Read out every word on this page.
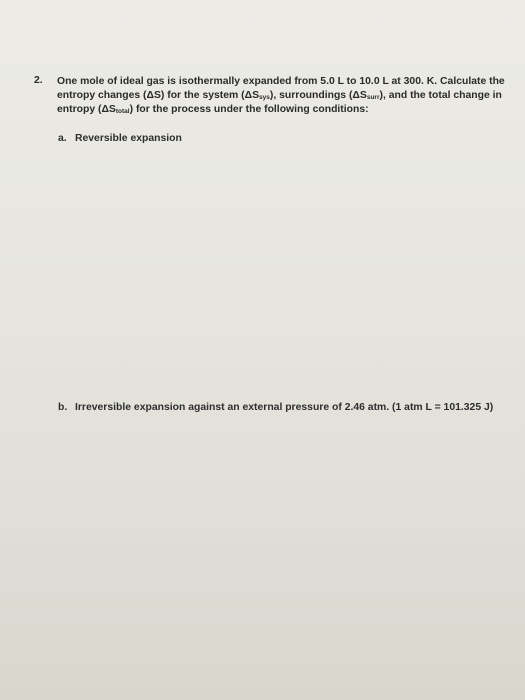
2. One mole of ideal gas is isothermally expanded from 5.0 L to 10.0 L at 300. K. Calculate the
entropy changes (ΔS) for the system (ΔSsys), surroundings (ΔSsurr), and the total change in
entropy (ΔStotal) for the process under the following conditions:
a. Reversible expansion
b. Irreversible expansion against an external pressure of 2.46 atm. (1 atm L = 101.325 J)
